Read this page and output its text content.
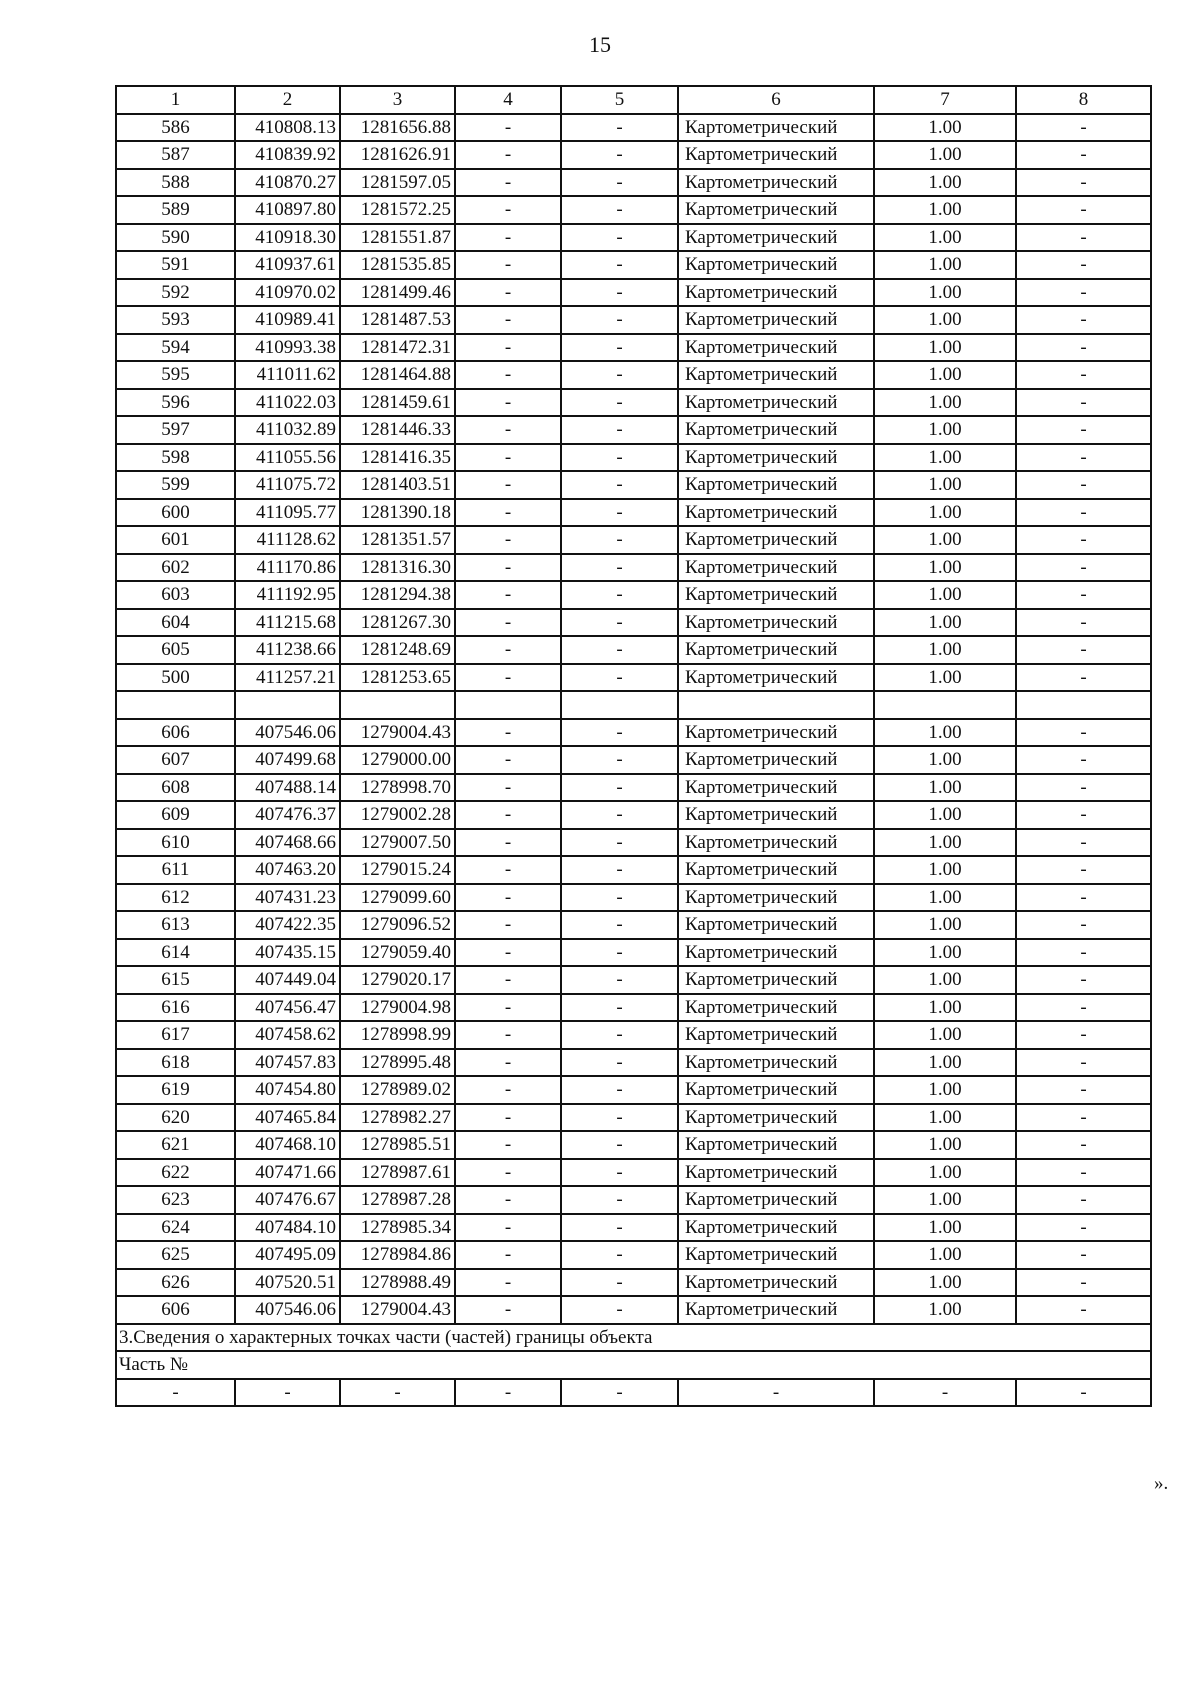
15
1	2	3	4	5	6	7	8
586	410808.13	1281656.88	-	-	Картометрический	1.00	-
587	410839.92	1281626.91	-	-	Картометрический	1.00	-
588	410870.27	1281597.05	-	-	Картометрический	1.00	-
589	410897.80	1281572.25	-	-	Картометрический	1.00	-
590	410918.30	1281551.87	-	-	Картометрический	1.00	-
591	410937.61	1281535.85	-	-	Картометрический	1.00	-
592	410970.02	1281499.46	-	-	Картометрический	1.00	-
593	410989.41	1281487.53	-	-	Картометрический	1.00	-
594	410993.38	1281472.31	-	-	Картометрический	1.00	-
595	411011.62	1281464.88	-	-	Картометрический	1.00	-
596	411022.03	1281459.61	-	-	Картометрический	1.00	-
597	411032.89	1281446.33	-	-	Картометрический	1.00	-
598	411055.56	1281416.35	-	-	Картометрический	1.00	-
599	411075.72	1281403.51	-	-	Картометрический	1.00	-
600	411095.77	1281390.18	-	-	Картометрический	1.00	-
601	411128.62	1281351.57	-	-	Картометрический	1.00	-
602	411170.86	1281316.30	-	-	Картометрический	1.00	-
603	411192.95	1281294.38	-	-	Картометрический	1.00	-
604	411215.68	1281267.30	-	-	Картометрический	1.00	-
605	411238.66	1281248.69	-	-	Картометрический	1.00	-
500	411257.21	1281253.65	-	-	Картометрический	1.00	-

606	407546.06	1279004.43	-	-	Картометрический	1.00	-
607	407499.68	1279000.00	-	-	Картометрический	1.00	-
608	407488.14	1278998.70	-	-	Картометрический	1.00	-
609	407476.37	1279002.28	-	-	Картометрический	1.00	-
610	407468.66	1279007.50	-	-	Картометрический	1.00	-
611	407463.20	1279015.24	-	-	Картометрический	1.00	-
612	407431.23	1279099.60	-	-	Картометрический	1.00	-
613	407422.35	1279096.52	-	-	Картометрический	1.00	-
614	407435.15	1279059.40	-	-	Картометрический	1.00	-
615	407449.04	1279020.17	-	-	Картометрический	1.00	-
616	407456.47	1279004.98	-	-	Картометрический	1.00	-
617	407458.62	1278998.99	-	-	Картометрический	1.00	-
618	407457.83	1278995.48	-	-	Картометрический	1.00	-
619	407454.80	1278989.02	-	-	Картометрический	1.00	-
620	407465.84	1278982.27	-	-	Картометрический	1.00	-
621	407468.10	1278985.51	-	-	Картометрический	1.00	-
622	407471.66	1278987.61	-	-	Картометрический	1.00	-
623	407476.67	1278987.28	-	-	Картометрический	1.00	-
624	407484.10	1278985.34	-	-	Картометрический	1.00	-
625	407495.09	1278984.86	-	-	Картометрический	1.00	-
626	407520.51	1278988.49	-	-	Картометрический	1.00	-
606	407546.06	1279004.43	-	-	Картометрический	1.00	-
3.Сведения о характерных точках части (частей) границы объекта							
Часть №							
-	-	-	-	-	-	-	-
».
